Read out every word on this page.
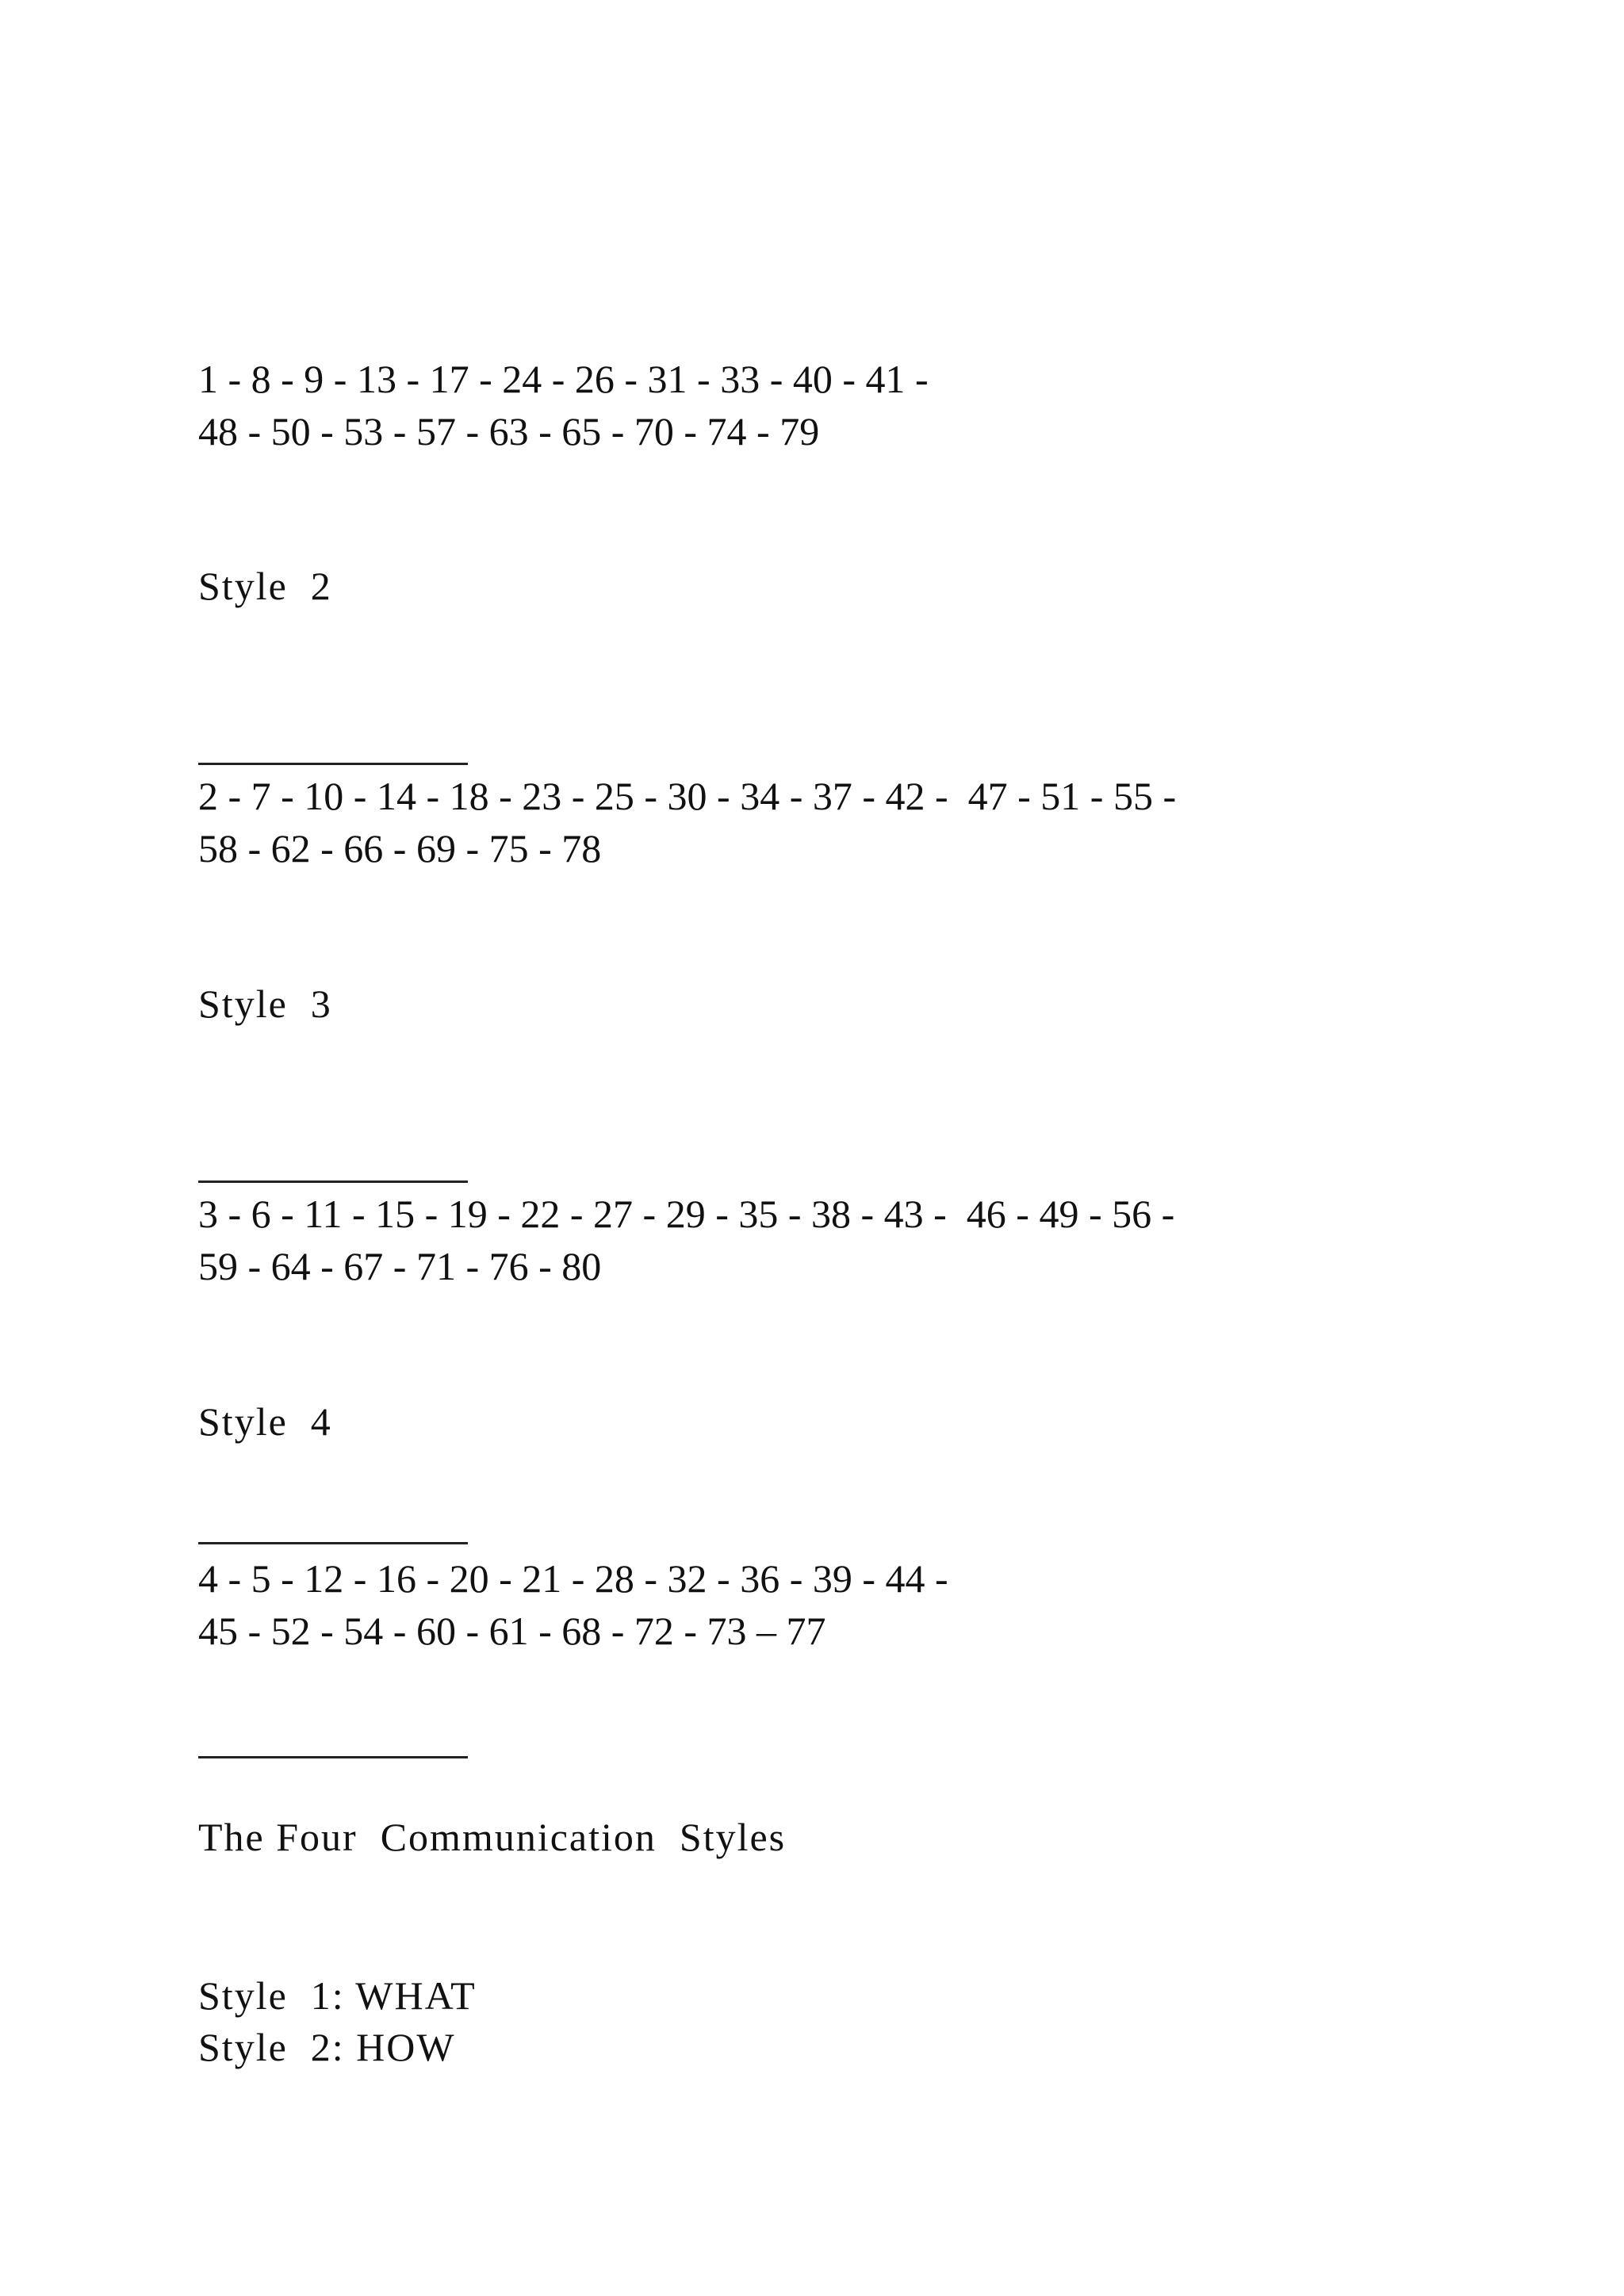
1 - 8 - 9 - 13 - 17 - 24 - 26 - 31 - 33 - 40 - 41 -

48 - 50 - 53 - 57 - 63 - 65 - 70 - 74 - 79

Style  2

2 - 7 - 10 - 14 - 18 - 23 - 25 - 30 - 34 - 37 - 42 -  47 - 51 - 55 -

58 - 62 - 66 - 69 - 75 - 78

Style  3

3 - 6 - 11 - 15 - 19 - 22 - 27 - 29 - 35 - 38 - 43 -  46 - 49 - 56 -

59 - 64 - 67 - 71 - 76 - 80

Style  4

4 - 5 - 12 - 16 - 20 - 21 - 28 - 32 - 36 - 39 - 44 -

45 - 52 - 54 - 60 - 61 - 68 - 72 - 73 – 77

The Four  Communication  Styles

Style  1: WHAT

Style  2: HOW
